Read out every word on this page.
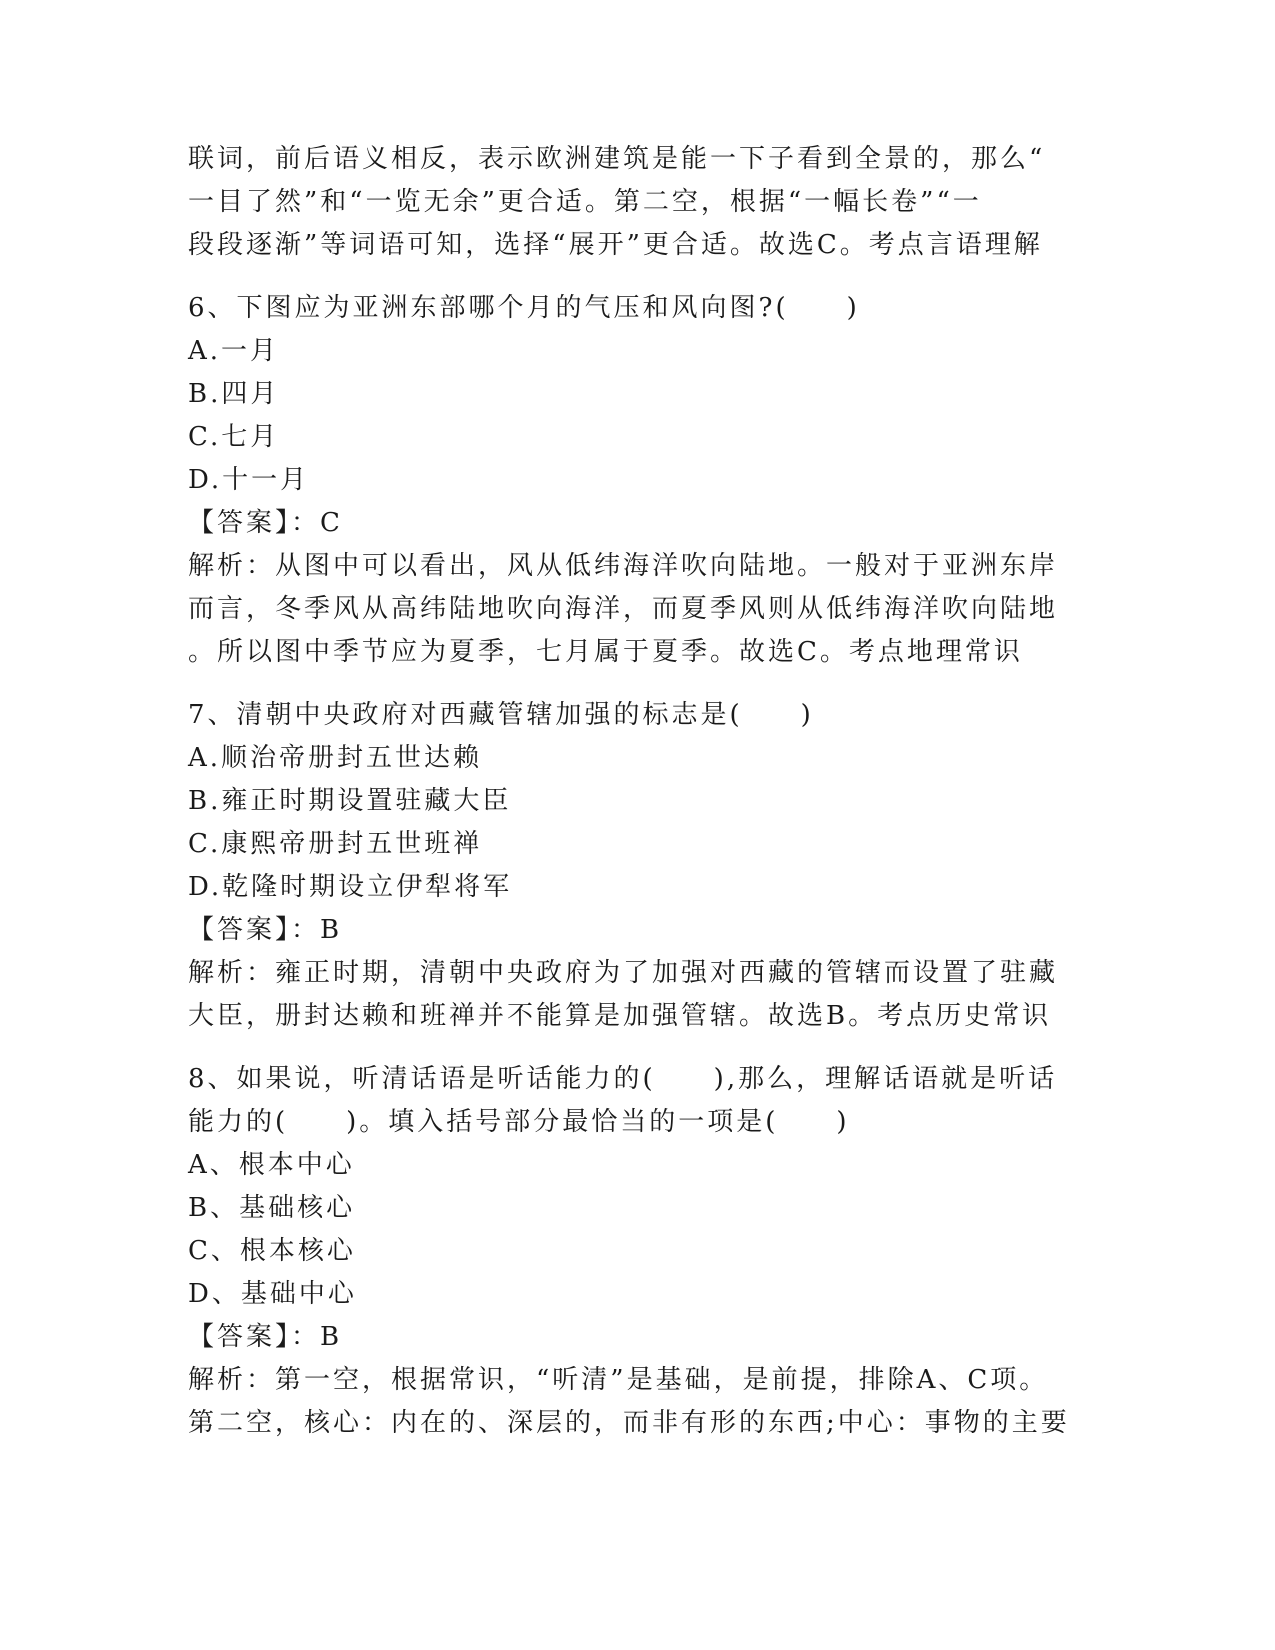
联词，前后语义相反，表示欧洲建筑是能一下子看到全景的，那么“
一目了然”和“一览无余”更合适。第二空，根据“一幅长卷”“一
段段逐渐”等词语可知，选择“展开”更合适。故选C。考点言语理解
6、下图应为亚洲东部哪个月的气压和风向图?(　　)
A.一月
B.四月
C.七月
D.十一月
【答案】：C
解析：从图中可以看出，风从低纬海洋吹向陆地。一般对于亚洲东岸
而言，冬季风从高纬陆地吹向海洋，而夏季风则从低纬海洋吹向陆地
。所以图中季节应为夏季，七月属于夏季。故选C。考点地理常识
7、清朝中央政府对西藏管辖加强的标志是(　　)
A.顺治帝册封五世达赖
B.雍正时期设置驻藏大臣
C.康熙帝册封五世班禅
D.乾隆时期设立伊犁将军
【答案】：B
解析：雍正时期，清朝中央政府为了加强对西藏的管辖而设置了驻藏
大臣，册封达赖和班禅并不能算是加强管辖。故选B。考点历史常识
8、如果说，听清话语是听话能力的(　　),那么，理解话语就是听话
能力的(　　)。填入括号部分最恰当的一项是(　　)
A、根本中心
B、基础核心
C、根本核心
D、基础中心
【答案】：B
解析：第一空，根据常识，“听清”是基础，是前提，排除A、C项。
第二空，核心：内在的、深层的，而非有形的东西;中心：事物的主要
